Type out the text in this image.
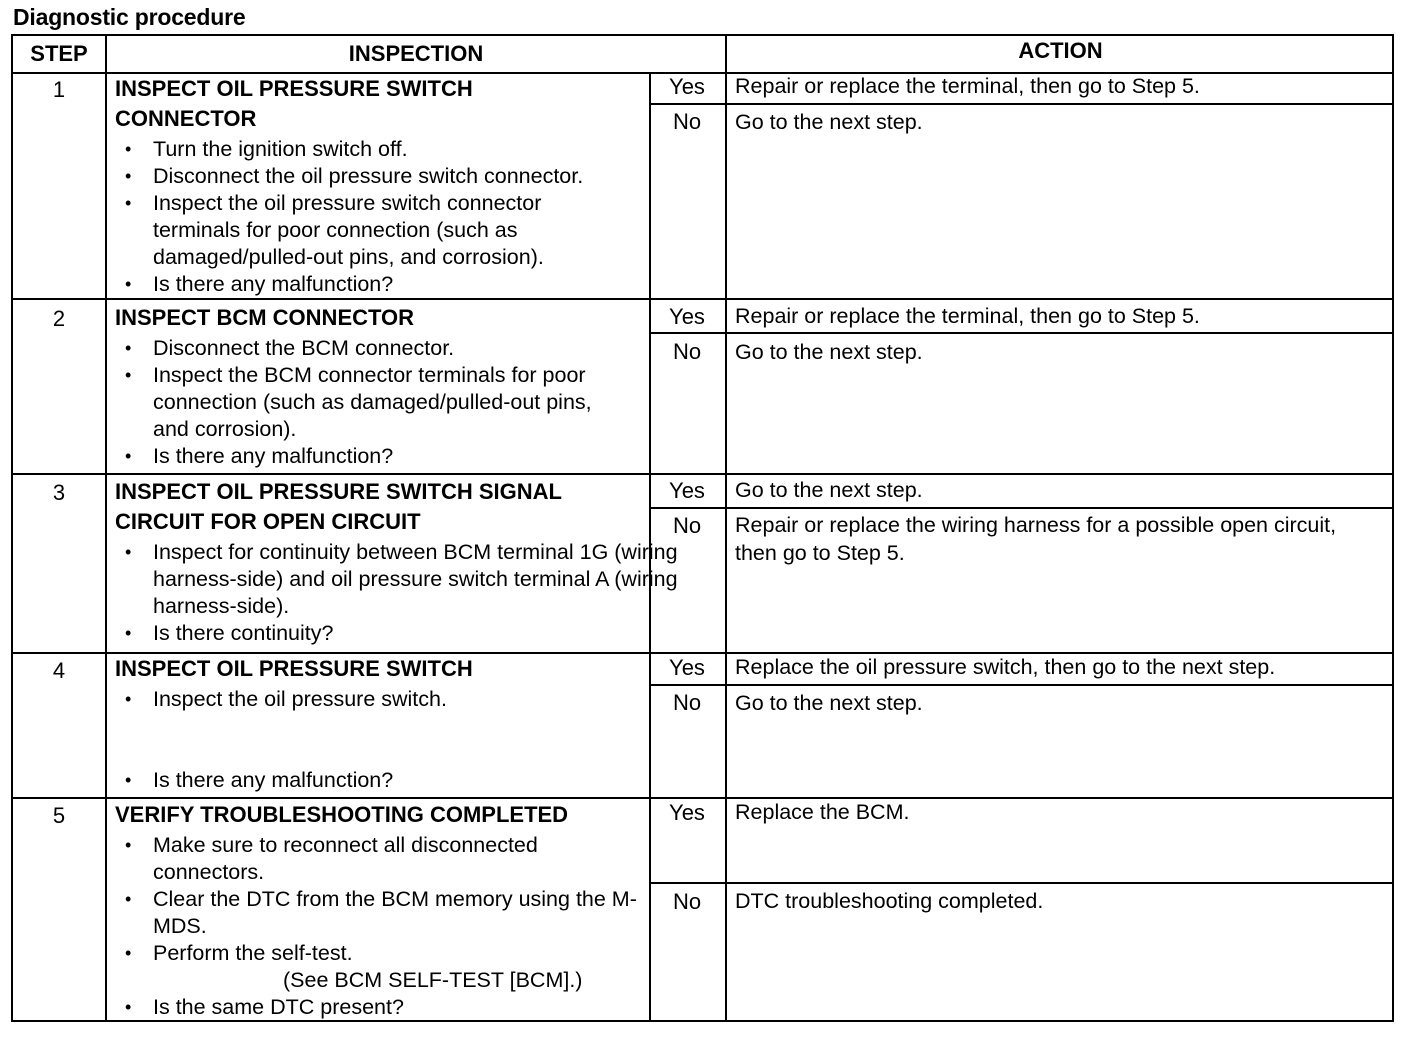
Diagnostic procedure
STEP	INSPECTION	ACTION
1	INSPECT OIL PRESSURE SWITCH CONNECTOR
• Turn the ignition switch off.
• Disconnect the oil pressure switch connector.
• Inspect the oil pressure switch connector terminals for poor connection (such as damaged/pulled-out pins, and corrosion).
• Is there any malfunction?
Yes	Repair or replace the terminal, then go to Step 5.
No	Go to the next step.
2	INSPECT BCM CONNECTOR
• Disconnect the BCM connector.
• Inspect the BCM connector terminals for poor connection (such as damaged/pulled-out pins, and corrosion).
• Is there any malfunction?
Yes	Repair or replace the terminal, then go to Step 5.
No	Go to the next step.
3	INSPECT OIL PRESSURE SWITCH SIGNAL CIRCUIT FOR OPEN CIRCUIT
• Inspect for continuity between BCM terminal 1G (wiring harness-side) and oil pressure switch terminal A (wiring harness-side).
• Is there continuity?
Yes	Go to the next step.
No	Repair or replace the wiring harness for a possible open circuit, then go to Step 5.
4	INSPECT OIL PRESSURE SWITCH
• Inspect the oil pressure switch.
• Is there any malfunction?
Yes	Replace the oil pressure switch, then go to the next step.
No	Go to the next step.
5	VERIFY TROUBLESHOOTING COMPLETED
• Make sure to reconnect all disconnected connectors.
• Clear the DTC from the BCM memory using the M-MDS.
• Perform the self-test.
(See BCM SELF-TEST [BCM].)
• Is the same DTC present?
Yes	Replace the BCM.
No	DTC troubleshooting completed.
